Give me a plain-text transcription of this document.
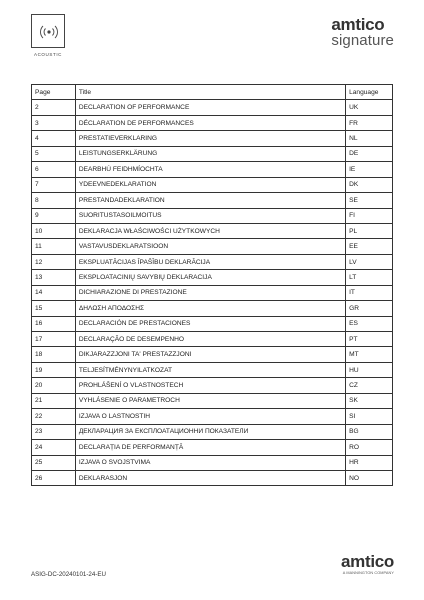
ACOUSTIC
amtico
signature
Page	Title	Language
2	DECLARATION OF PERFORMANCE	UK
3	DÉCLARATION DE PERFORMANCES	FR
4	PRESTATIEVERKLARING	NL
5	LEISTUNGSERKLÄRUNG	DE
6	DEARBHÚ FEIDHMÍOCHTA	IE
7	YDEEVNEDEKLARATION	DK
8	PRESTANDADEKLARATION	SE
9	SUORITUSTASOILMOITUS	FI
10	DEKLARACJA WŁAŚCIWOŚCI UŻYTKOWYCH	PL
11	VASTAVUSDEKLARATSIOON	EE
12	EKSPLUATĀCIJAS ĪPAŠĪBU DEKLARĀCIJA	LV
13	EKSPLOATACINIŲ SAVYBIŲ DEKLARACIJA	LT
14	DICHIARAZIONE DI PRESTAZIONE	IT
15	ΔΗΛΩΣΗ ΑΠΟΔΟΣΗΣ	GR
16	DECLARACIÓN DE PRESTACIONES	ES
17	DECLARAÇÃO DE DESEMPENHO	PT
18	DIKJARAZZJONI TA' PRESTAZZJONI	MT
19	TELJESÍTMÉNYNYILATKOZAT	HU
20	PROHLÁŠENÍ O VLASTNOSTECH	CZ
21	VYHLÁSENIE O PARAMETROCH	SK
22	IZJAVA O LASTNOSTIH	SI
23	ДЕКЛАРАЦИЯ ЗА ЕКСПЛОАТАЦИОННИ ПОКАЗАТЕЛИ	BG
24	DECLARAȚIA DE PERFORMANȚĂ	RO
25	IZJAVA O SVOJSTVIMA	HR
26	DEKLARASJON	NO
ASIG-DC-20240101-24-EU
amtico
A MANNINGTON COMPANY
